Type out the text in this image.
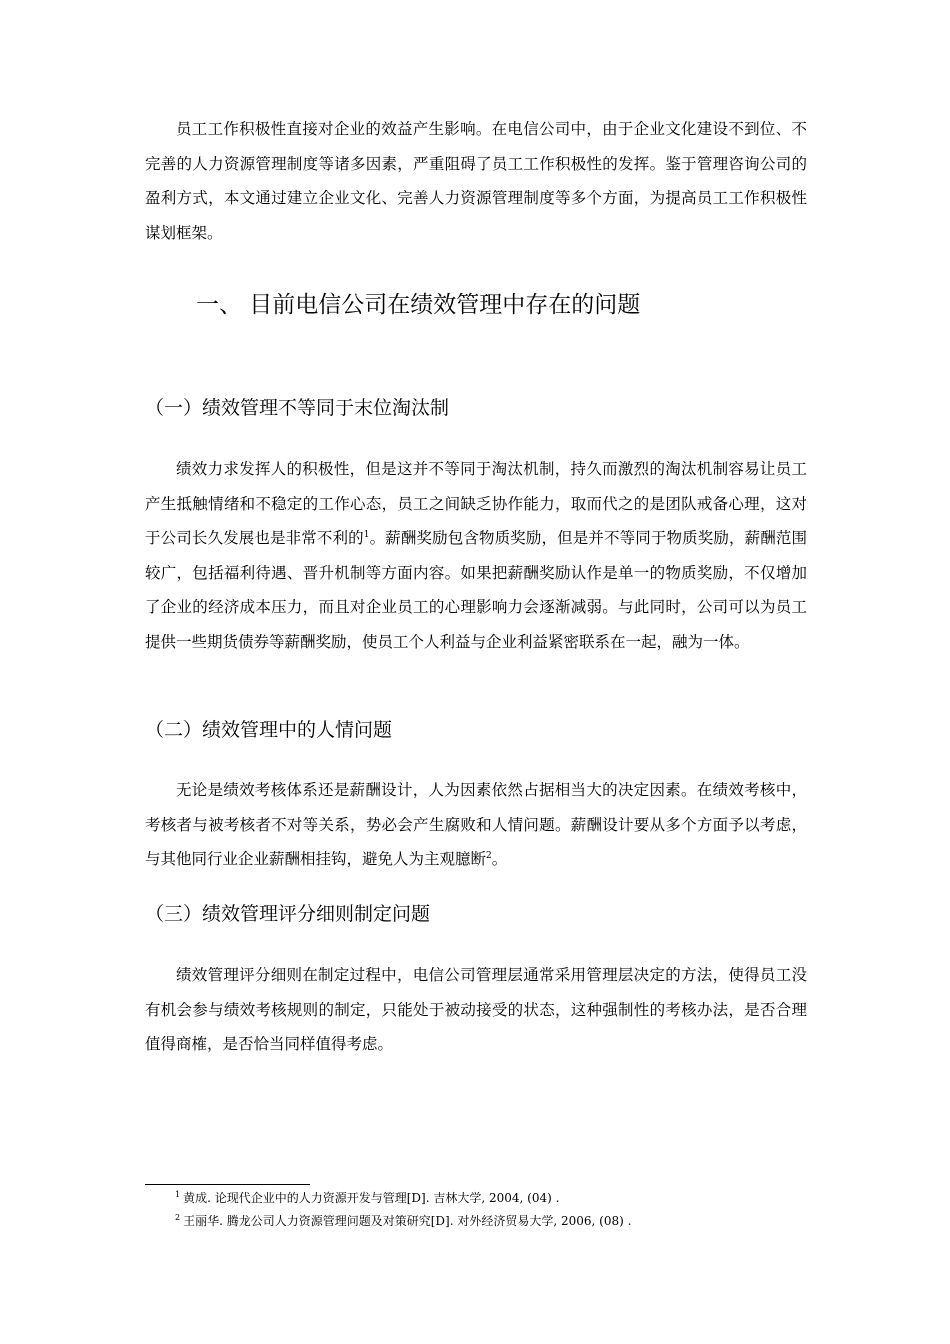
员工工作积极性直接对企业的效益产生影响。在电信公司中，由于企业文化建设不到位、不完善的人力资源管理制度等诸多因素，严重阻碍了员工工作积极性的发挥。鉴于管理咨询公司的盈利方式，本文通过建立企业文化、完善人力资源管理制度等多个方面，为提高员工工作积极性谋划框架。

一、 目前电信公司在绩效管理中存在的问题
（一）绩效管理不等同于末位淘汰制

绩效力求发挥人的积极性，但是这并不等同于淘汰机制，持久而激烈的淘汰机制容易让员工产生抵触情绪和不稳定的工作心态，员工之间缺乏协作能力，取而代之的是团队戒备心理，这对于公司长久发展也是非常不利的$^1$。薪酬奖励包含物质奖励，但是并不等同于物质奖励，薪酬范围较广，包括福利待遇、晋升机制等方面内容。如果把薪酬奖励认作是单一的物质奖励，不仅增加了企业的经济成本压力，而且对企业员工的心理影响力会逐渐减弱。与此同时，公司可以为员工提供一些期货债券等薪酬奖励，使员工个人利益与企业利益紧密联系在一起，融为一体。

（二）绩效管理中的人情问题

无论是绩效考核体系还是薪酬设计，人为因素依然占据相当大的决定因素。在绩效考核中，考核者与被考核者不对等关系，势必会产生腐败和人情问题。薪酬设计要从多个方面予以考虑，与其他同行业企业薪酬相挂钩，避免人为主观臆断$^2$。

（三）绩效管理评分细则制定问题

绩效管理评分细则在制定过程中，电信公司管理层通常采用管理层决定的方法，使得员工没有机会参与绩效考核规则的制定，只能处于被动接受的状态，这种强制性的考核办法，是否合理值得商榷，是否恰当同样值得考虑。

$^1$ 黄成. 论现代企业中的人力资源开发与管理[D]. 吉林大学, 2004, (04) .
$^2$ 王丽华. 腾龙公司人力资源管理问题及对策研究[D]. 对外经济贸易大学, 2006, (08) .
